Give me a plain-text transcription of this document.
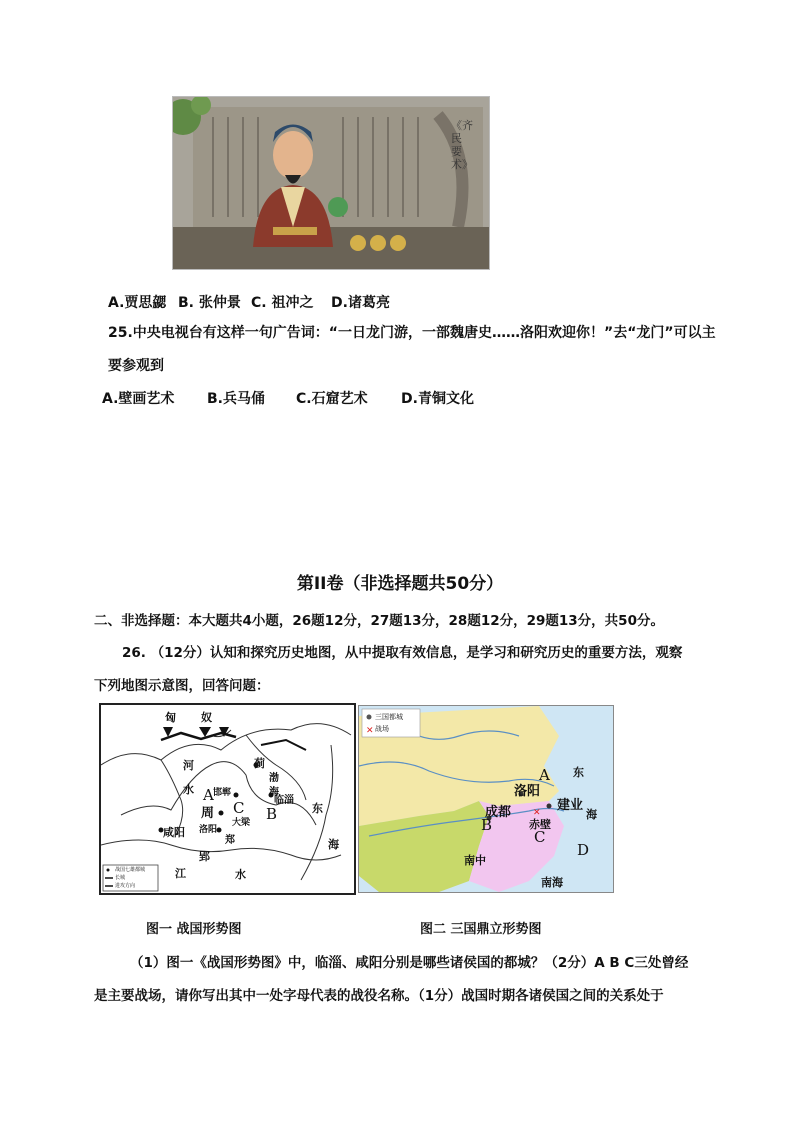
《齐民要术》
A.贾思勰 B. 张仲景 C. 祖冲之 D.诸葛亮
25.中央电视台有这样一句广告词：“一日龙门游，一部魏唐史……洛阳欢迎你！”去“龙门”可以主
要参观到
A.壁画艺术 B.兵马俑 C.石窟艺术 D.青铜文化
第II卷（非选择题共50分）
二、非选择题：本大题共4小题，26题12分，27题13分，28题12分，29题13分，共50分。
26. （12分）认知和探究历史地图，从中提取有效信息，是学习和研究历史的重要方法，观察
下列地图示意图，回答问题：
匈 奴
河
水 A
周
邯郸
C B
大梁
洛阳
郑
咸阳
蓟
渤
海
临淄
东
海
郢
江	水
战国七雄都城
长城
进攻方向
✕
✕
三国都城
战场
A
洛阳
东
建业
成都
B	赤壁
C
海
D
南中
南海
图一 战国形势图	图二 三国鼎立形势图
（1）图一《战国形势图》中，临淄、咸阳分别是哪些诸侯国的都城？（2分）A B C三处曾经
是主要战场，请你写出其中一处字母代表的战役名称。（1分）战国时期各诸侯国之间的关系处于
